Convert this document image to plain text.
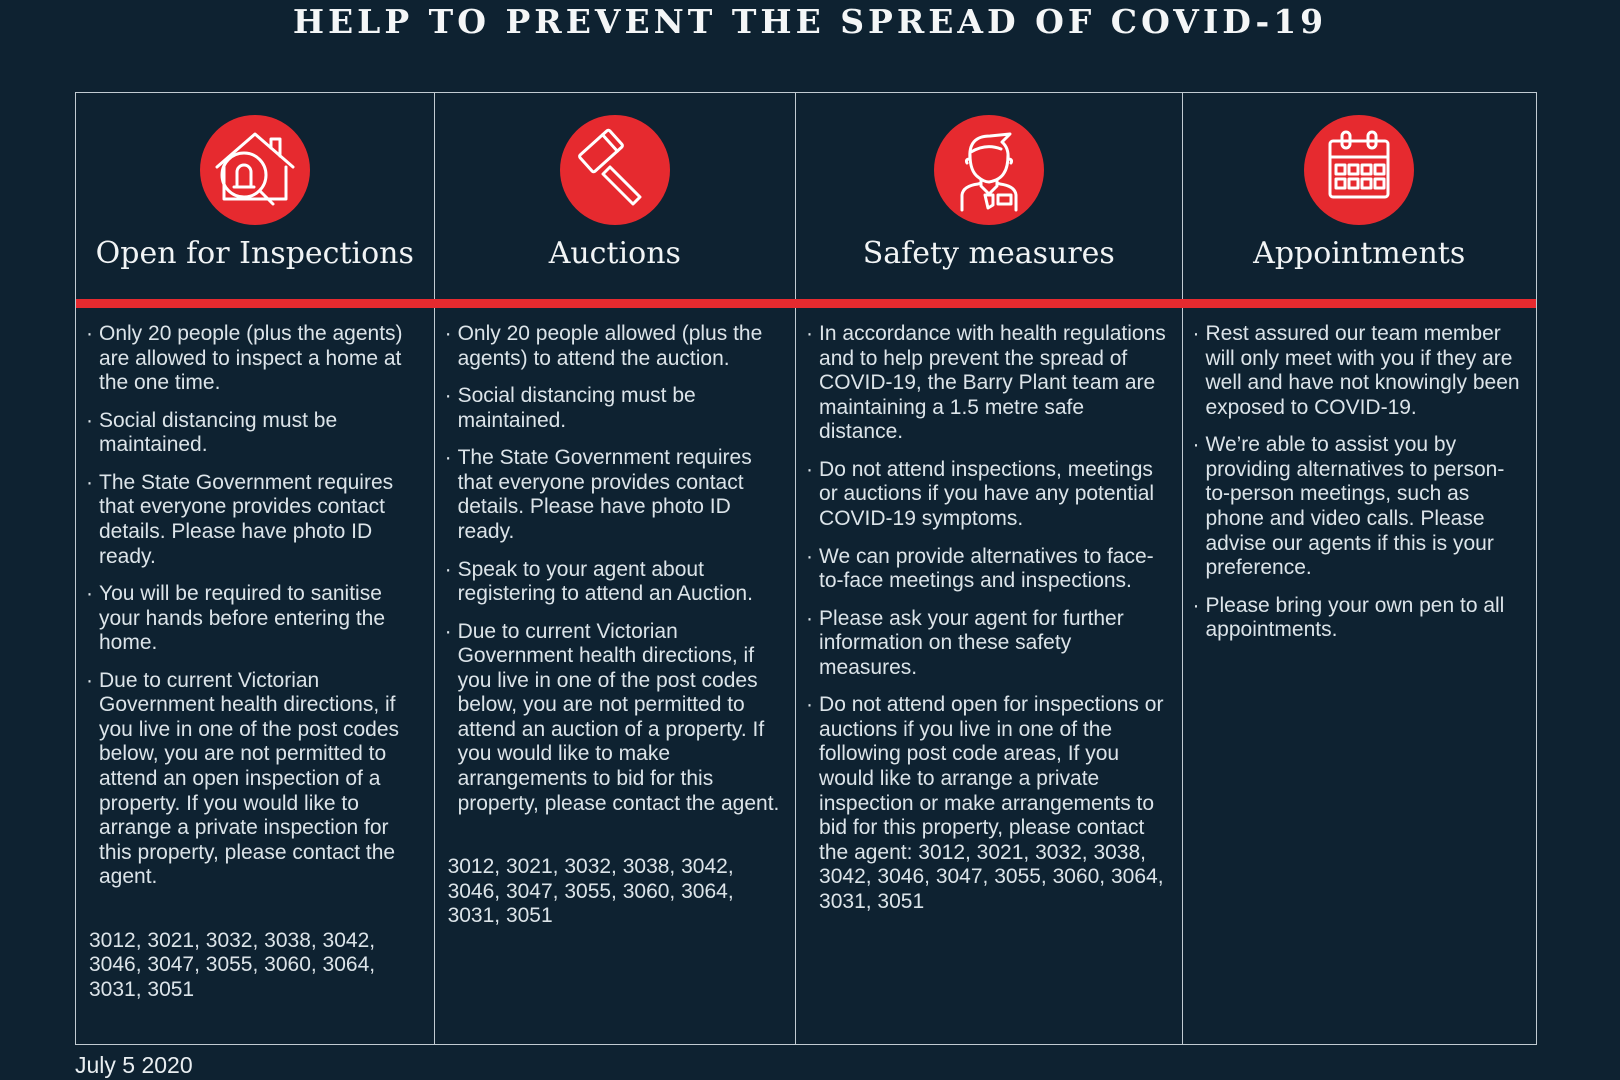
HELP TO PREVENT THE SPREAD OF COVID-19
Open for Inspections
· Only 20 people (plus the agents) are allowed to inspect a home at the one time.
· Social distancing must be maintained.
· The State Government requires that everyone provides contact details. Please have photo ID ready.
· You will be required to sanitise your hands before entering the home.
· Due to current Victorian Government health directions, if you live in one of the post codes below, you are not permitted to attend an open inspection of a property. If you would like to arrange a private inspection for this property, please contact the agent.
3012, 3021, 3032, 3038, 3042, 3046, 3047, 3055, 3060, 3064, 3031, 3051
Auctions
· Only 20 people allowed (plus the agents) to attend the auction.
· Social distancing must be maintained.
· The State Government requires that everyone provides contact details. Please have photo ID ready.
· Speak to your agent about registering to attend an Auction.
· Due to current Victorian Government health directions, if you live in one of the post codes below, you are not permitted to attend an auction of a property. If you would like to make arrangements to bid for this property, please contact the agent.
3012, 3021, 3032, 3038, 3042, 3046, 3047, 3055, 3060, 3064, 3031, 3051
Safety measures
· In accordance with health regulations and to help prevent the spread of COVID-19, the Barry Plant team are maintaining a 1.5 metre safe distance.
· Do not attend inspections, meetings or auctions if you have any potential COVID-19 symptoms.
· We can provide alternatives to face-to-face meetings and inspections.
· Please ask your agent for further information on these safety measures.
· Do not attend open for inspections or auctions if you live in one of the following post code areas, If you would like to arrange a private inspection or make arrangements to bid for this property, please contact the agent: 3012, 3021, 3032, 3038, 3042, 3046, 3047, 3055, 3060, 3064, 3031, 3051
Appointments
· Rest assured our team member will only meet with you if they are well and have not knowingly been exposed to COVID-19.
· We’re able to assist you by providing alternatives to person-to-person meetings, such as phone and video calls. Please advise our agents if this is your preference.
· Please bring your own pen to all appointments.
July 5 2020
